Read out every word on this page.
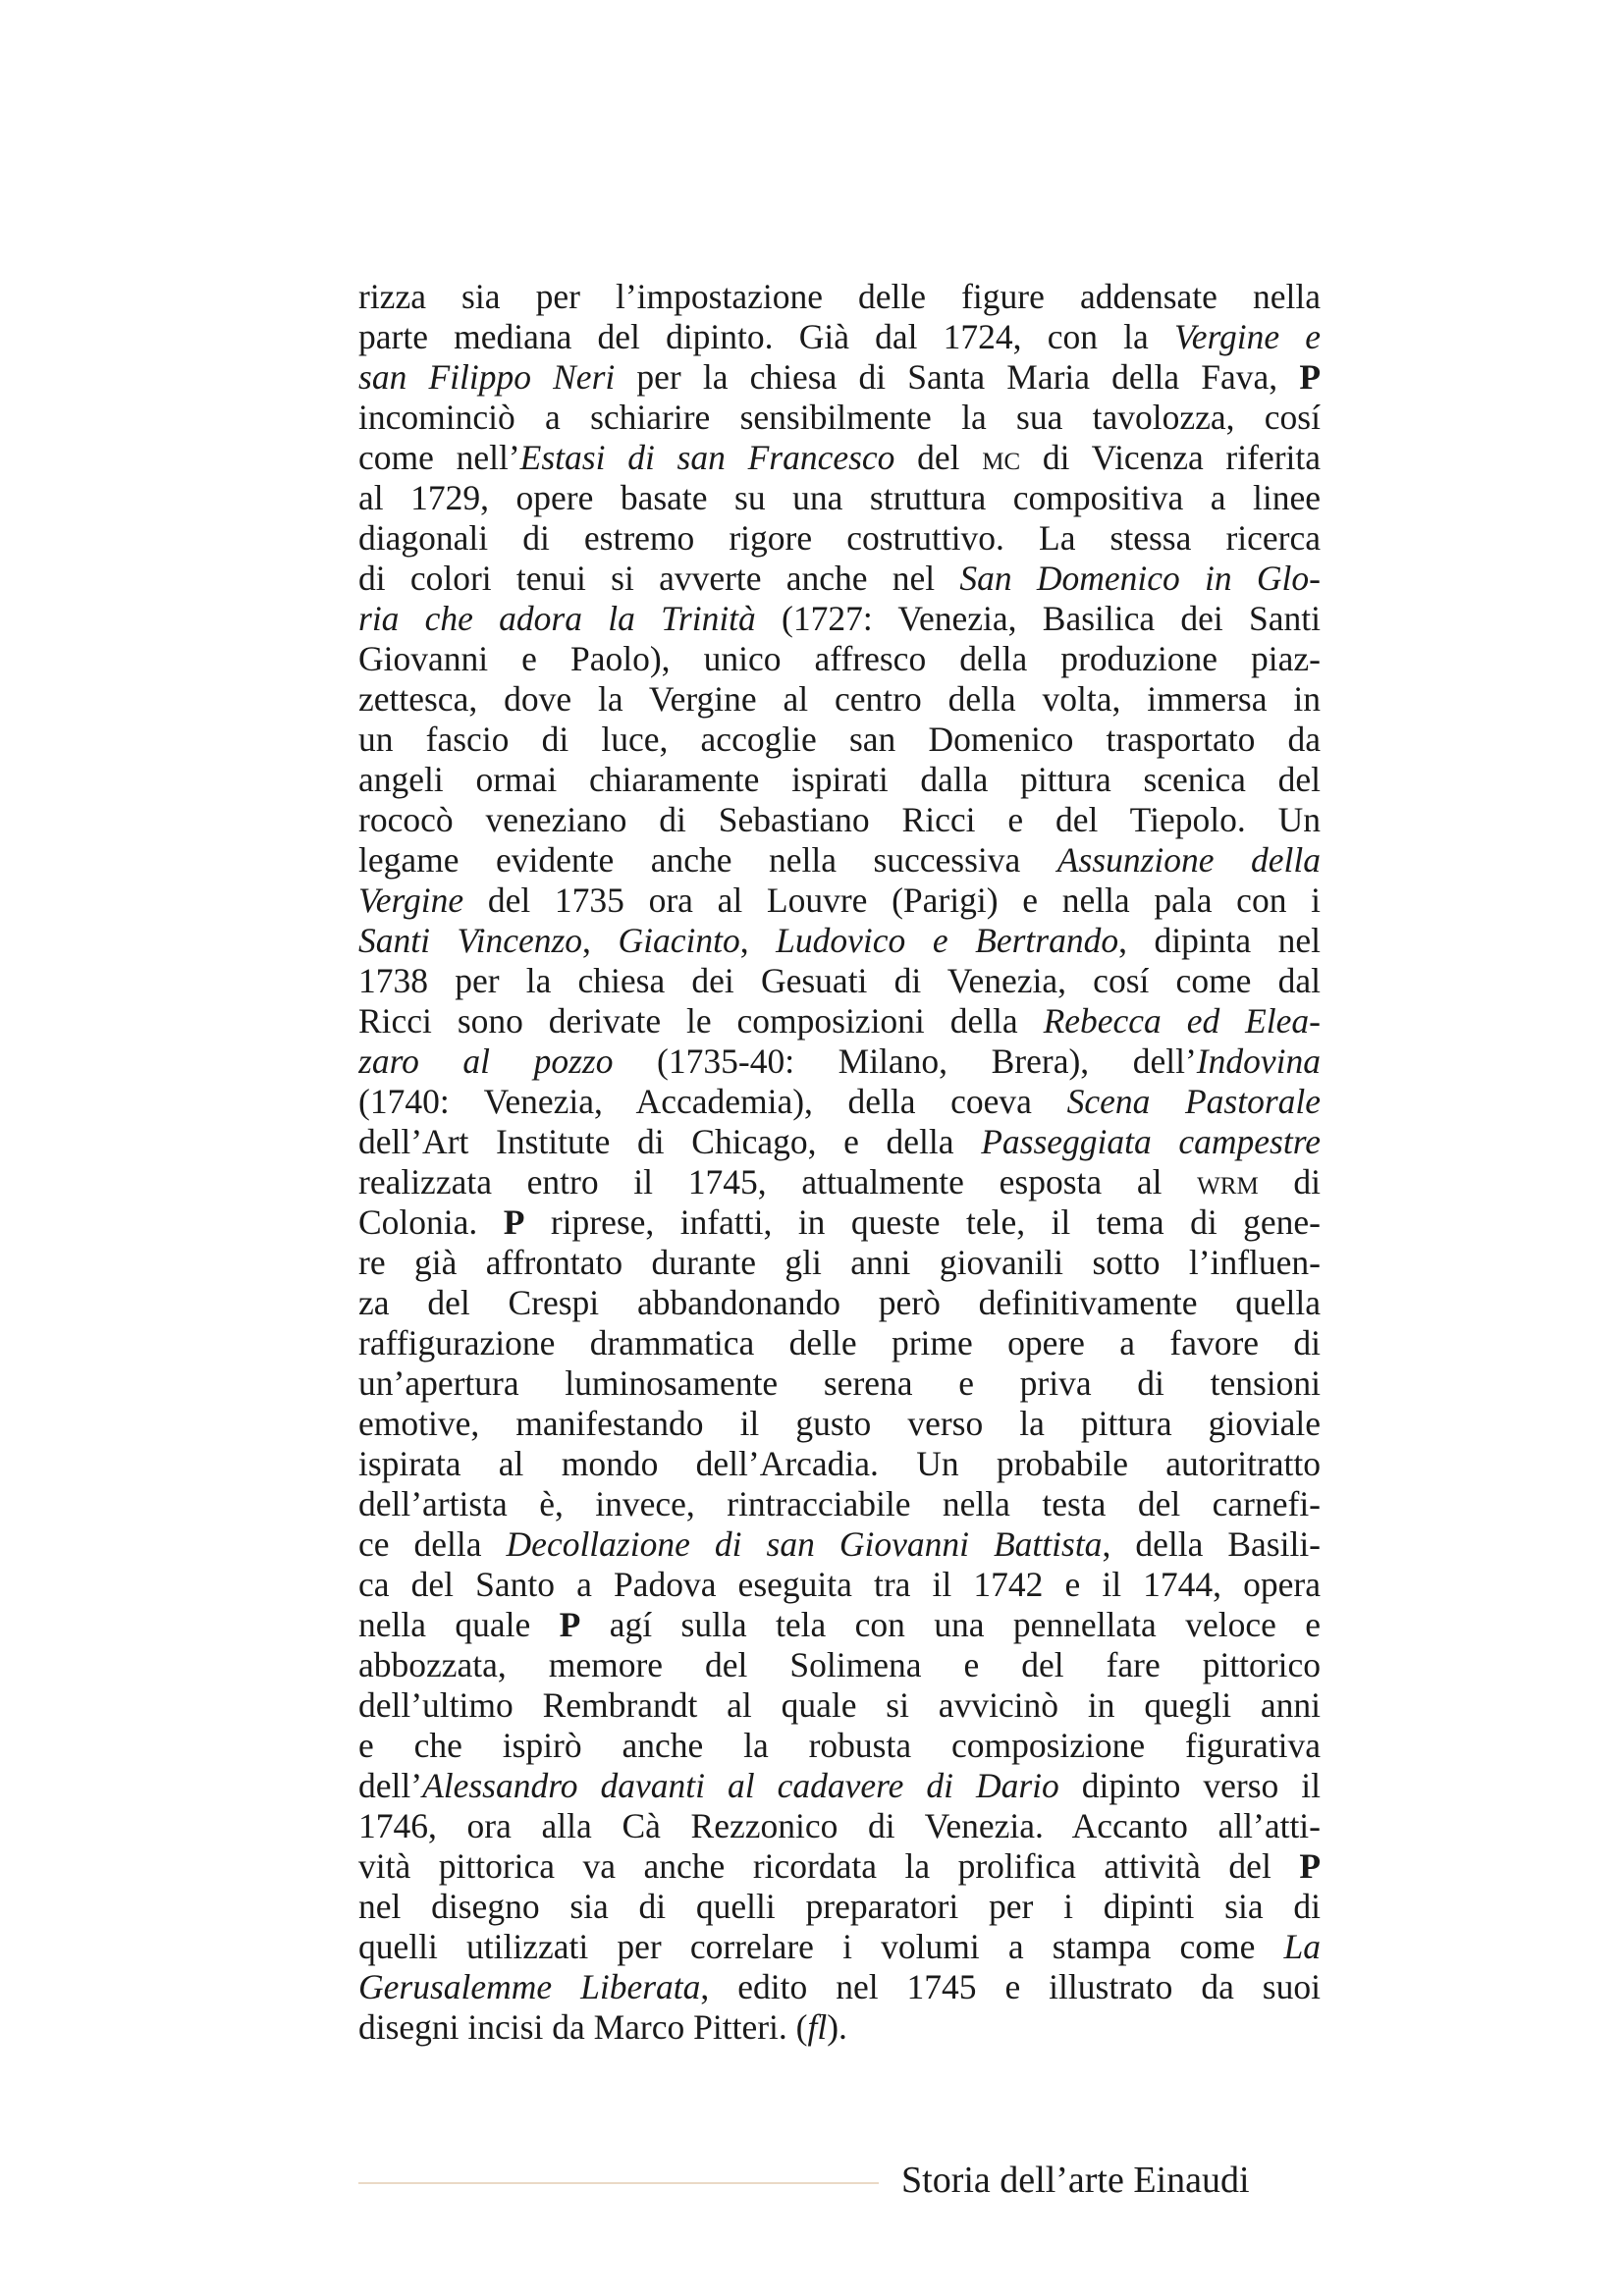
rizza sia per l’impostazione delle figure addensate nella
parte mediana del dipinto. Già dal 1724, con la Vergine e
san Filippo Neri per la chiesa di Santa Maria della Fava, P
incominciò a schiarire sensibilmente la sua tavolozza, cosí
come nell’Estasi di san Francesco del mc di Vicenza riferita
al 1729, opere basate su una struttura compositiva a linee
diagonali di estremo rigore costruttivo. La stessa ricerca
di colori tenui si avverte anche nel San Domenico in Glo-
ria che adora la Trinità (1727: Venezia, Basilica dei Santi
Giovanni e Paolo), unico affresco della produzione piaz-
zettesca, dove la Vergine al centro della volta, immersa in
un fascio di luce, accoglie san Domenico trasportato da
angeli ormai chiaramente ispirati dalla pittura scenica del
rococò veneziano di Sebastiano Ricci e del Tiepolo. Un
legame evidente anche nella successiva Assunzione della
Vergine del 1735 ora al Louvre (Parigi) e nella pala con i
Santi Vincenzo, Giacinto, Ludovico e Bertrando, dipinta nel
1738 per la chiesa dei Gesuati di Venezia, cosí come dal
Ricci sono derivate le composizioni della Rebecca ed Elea-
zaro al pozzo (1735-40: Milano, Brera), dell’Indovina
(1740: Venezia, Accademia), della coeva Scena Pastorale
dell’Art Institute di Chicago, e della Passeggiata campestre
realizzata entro il 1745, attualmente esposta al wrm di
Colonia. P riprese, infatti, in queste tele, il tema di gene-
re già affrontato durante gli anni giovanili sotto l’influen-
za del Crespi abbandonando però definitivamente quella
raffigurazione drammatica delle prime opere a favore di
un’apertura luminosamente serena e priva di tensioni
emotive, manifestando il gusto verso la pittura gioviale
ispirata al mondo dell’Arcadia. Un probabile autoritratto
dell’artista è, invece, rintracciabile nella testa del carnefi-
ce della Decollazione di san Giovanni Battista, della Basili-
ca del Santo a Padova eseguita tra il 1742 e il 1744, opera
nella quale P agí sulla tela con una pennellata veloce e
abbozzata, memore del Solimena e del fare pittorico
dell’ultimo Rembrandt al quale si avvicinò in quegli anni
e che ispirò anche la robusta composizione figurativa
dell’Alessandro davanti al cadavere di Dario dipinto verso il
1746, ora alla Cà Rezzonico di Venezia. Accanto all’atti-
vità pittorica va anche ricordata la prolifica attività del P
nel disegno sia di quelli preparatori per i dipinti sia di
quelli utilizzati per correlare i volumi a stampa come La
Gerusalemme Liberata, edito nel 1745 e illustrato da suoi
disegni incisi da Marco Pitteri. (fl).
Storia dell’arte Einaudi
